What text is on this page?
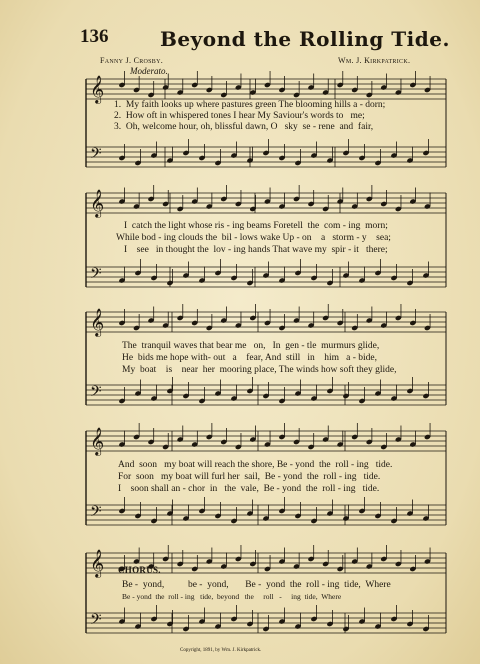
136	Beyond the Rolling Tide.
Fanny J. Crosby.	Wm. J. Kirkpatrick.
Moderato.
𝄞
𝄢
𝄞
𝄢
𝄞
𝄢
𝄞
𝄢
𝄞
𝄢
1.  My faith looks up where pastures green The blooming hills a - dorn;
2.  How oft in whispered tones I hear My Saviour's words to   me;
3.  Oh, welcome hour, oh, blissful dawn, O   sky  se - rene  and  fair,
I  catch the light whose ris - ing beams Foretell  the  com - ing  morn;
While bod - ing clouds the  bil - lows wake Up - on    a   storm - y    sea;
I    see   in thought the  lov - ing hands That wave my  spir - it   there;
The  tranquil waves that bear me   on,   In  gen - tle  murmurs glide,
He  bids me hope with- out   a    fear, And  still   in    him   a - bide,
My  boat    is    near  her  mooring place, The winds how soft they glide,
And  soon   my boat will reach the shore, Be - yond  the  roll - ing   tide.
For  soon   my boat will furl her  sail,  Be - yond  the  roll - ing   tide.
I    soon shall an - chor  in   the  vale,  Be - yond  the  roll - ing   tide.
CHORUS.
Be -  yond,          be -  yond,       Be -  yond  the  roll - ing  tide,  Where
Be - yond  the  roll - ing   tide,  beyond   the     roll   -     ing  tide,  Where
Copyright, 1891, by Wm. J. Kirkpatrick.
